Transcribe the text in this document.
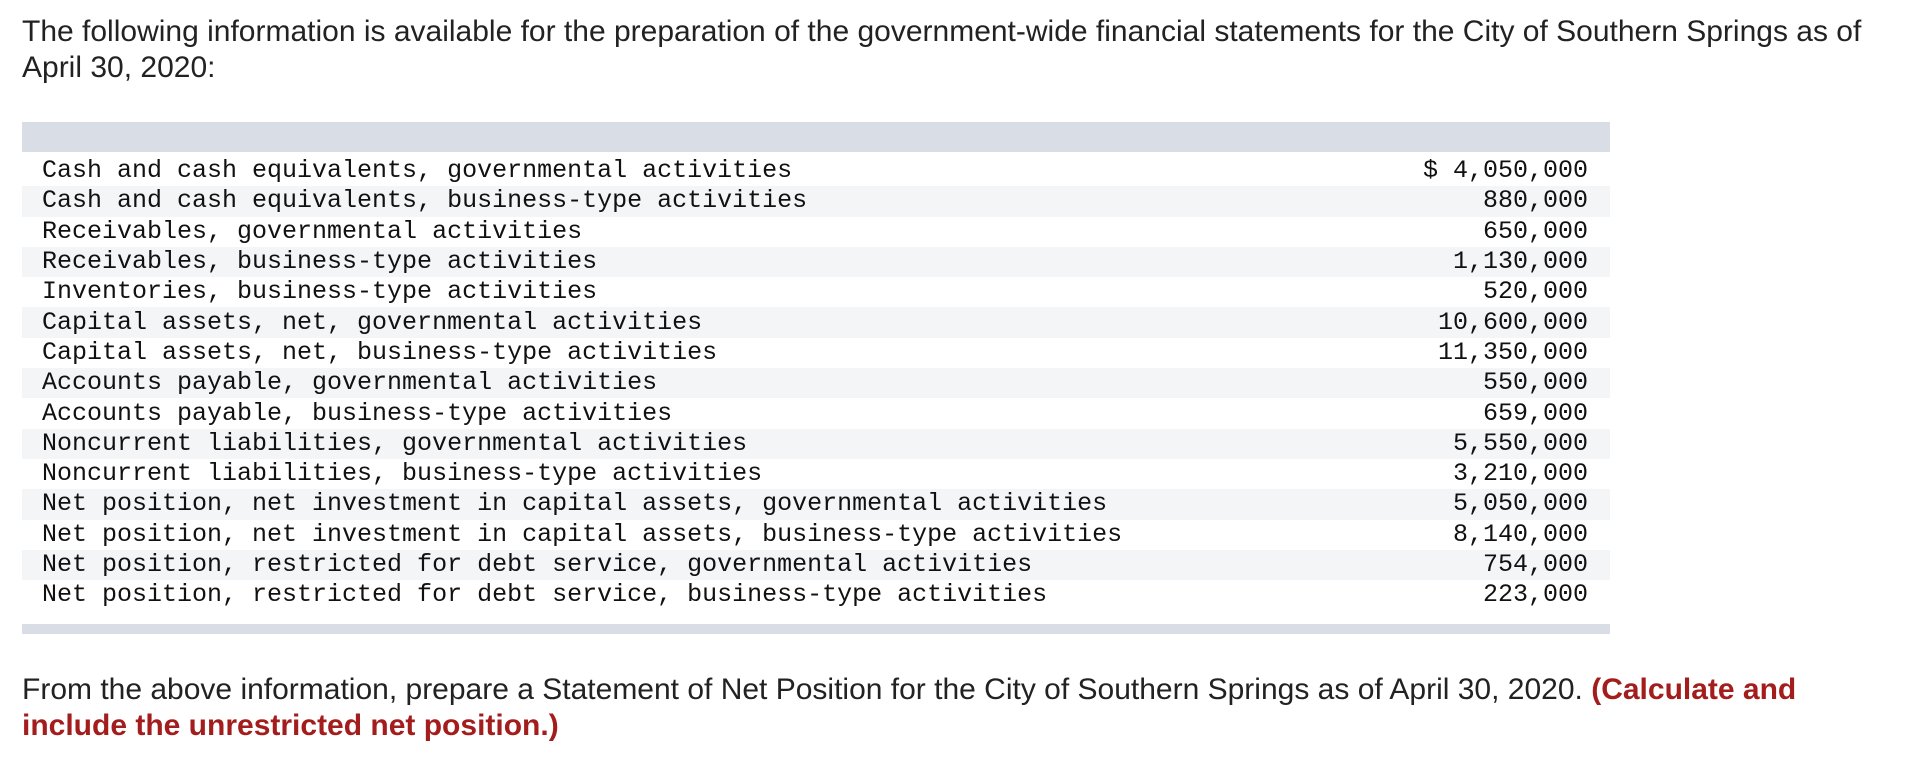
The following information is available for the preparation of the government-wide financial statements for the City of Southern Springs as of April 30, 2020:

Cash and cash equivalents, governmental activities	$ 4,050,000
Cash and cash equivalents, business-type activities	880,000
Receivables, governmental activities	650,000
Receivables, business-type activities	1,130,000
Inventories, business-type activities	520,000
Capital assets, net, governmental activities	10,600,000
Capital assets, net, business-type activities	11,350,000
Accounts payable, governmental activities	550,000
Accounts payable, business-type activities	659,000
Noncurrent liabilities, governmental activities	5,550,000
Noncurrent liabilities, business-type activities	3,210,000
Net position, net investment in capital assets, governmental activities	5,050,000
Net position, net investment in capital assets, business-type activities	8,140,000
Net position, restricted for debt service, governmental activities	754,000
Net position, restricted for debt service, business-type activities	223,000

From the above information, prepare a Statement of Net Position for the City of Southern Springs as of April 30, 2020. (Calculate and include the unrestricted net position.)
